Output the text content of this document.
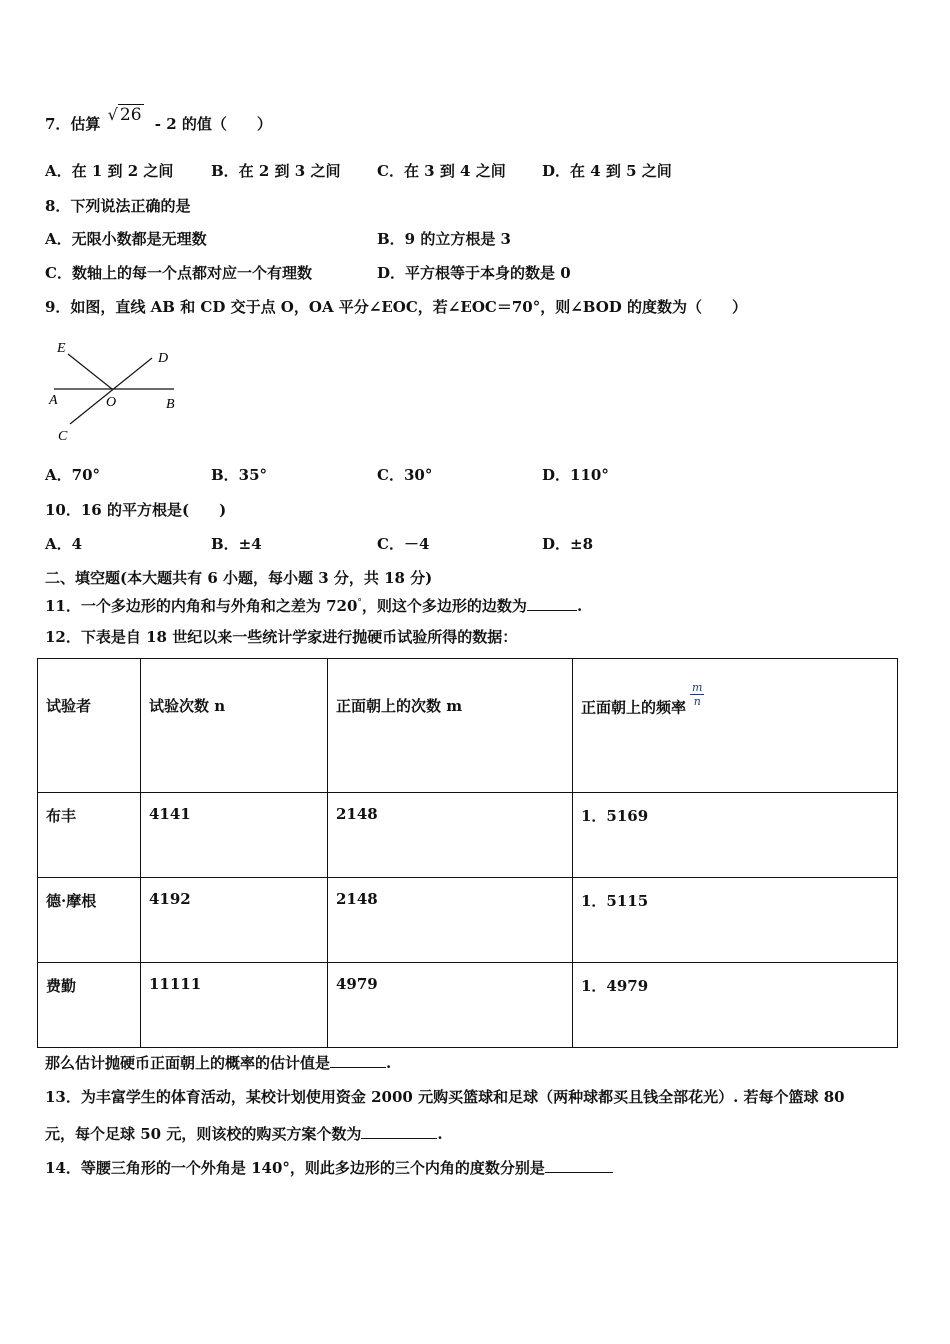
7．估算 √ 26 - 2 的值（　　）
A．在 1 到 2 之间	B．在 2 到 3 之间 C．在 3 到 4 之间 D．在 4 到 5 之间
8．下列说法正确的是
A．无限小数都是无理数	B．9 的立方根是 3
C．数轴上的每一个点都对应一个有理数	D．平方根等于本身的数是 0
9．如图，直线 AB 和 CD 交于点 O，OA 平分∠EOC，若∠EOC＝70°，则∠BOD 的度数为（　　）
E
D
A	O	B
C
A．70°	B．35°	C．30°	D．110°
10．16 的平方根是(　　)
A．4	B．±4	C．－4	D．±8
二、填空题(本大题共有 6 小题，每小题 3 分，共 18 分)
11．一个多边形的内角和与外角和之差为 720°，则这个多边形的边数为	.
12．下表是自 18 世纪以来一些统计学家进行抛硬币试验所得的数据：
试验者	试验次数 n	正面朝上的次数 m	正面朝上的频率 $\frac{m}{n}$

布丰	4141	2148	1．5169
德·摩根	4192	2148	1．5115
费勤	11111	4979	1．4979
那么估计抛硬币正面朝上的概率的估计值是	.
13．为丰富学生的体育活动，某校计划使用资金 2000 元购买篮球和足球（两种球都买且钱全部花光）. 若每个篮球 80
元，每个足球 50 元，则该校的购买方案个数为	.
14．等腰三角形的一个外角是 140°，则此多边形的三个内角的度数分别是
